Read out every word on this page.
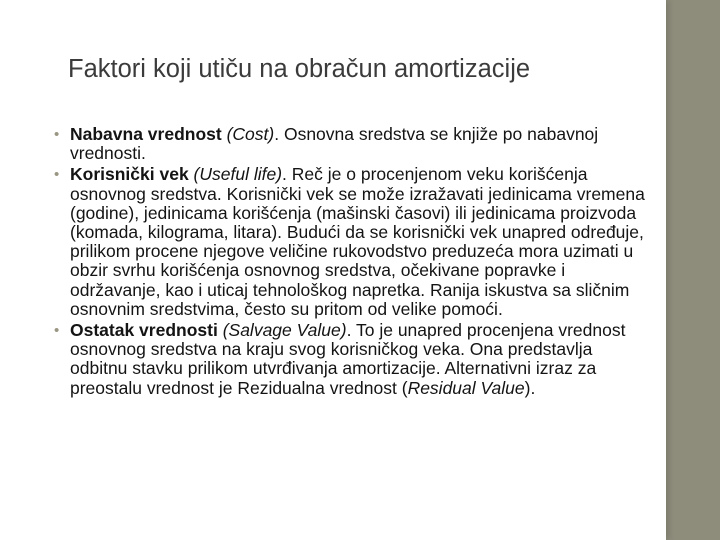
Faktori koji utiču na obračun amortizacije
• Nabavna vrednost (Cost). Osnovna sredstva se knjiže po nabavnoj vrednosti.
• Korisnički vek (Useful life). Reč je o procenjenom veku korišćenja osnovnog sredstva. Korisnički vek se može izražavati jedinicama vremena (godine), jedinicama korišćenja (mašinski časovi) ili jedinicama proizvoda (komada, kilograma, litara). Budući da se korisnički vek unapred određuje, prilikom procene njegove veličine rukovodstvo preduzeća mora uzimati u obzir svrhu korišćenja osnovnog sredstva, očekivane popravke i održavanje, kao i uticaj tehnološkog napretka. Ranija iskustva sa sličnim osnovnim sredstvima, često su pritom od velike pomoći.
• Ostatak vrednosti (Salvage Value). To je unapred procenjena vrednost osnovnog sredstva na kraju svog korisničkog veka. Ona predstavlja odbitnu stavku prilikom utvrđivanja amortizacije. Alternativni izraz za preostalu vrednost je Rezidualna vrednost (Residual Value).
